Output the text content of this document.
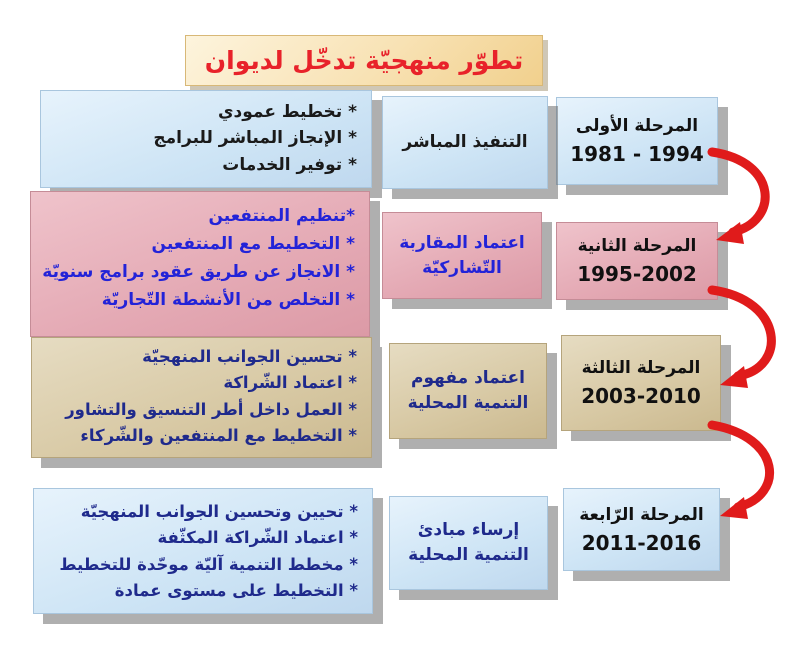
تطوّر منهجيّة تدخّل لديوان
المرحلة الأولى
1981 - 1994
التنفيذ المباشر
* تخطيط عمودي
* الإنجاز المباشر للبرامج
* توفير الخدمات
المرحلة الثانية
1995-2002
اعتماد المقاربة
التّشاركيّة
*تنظيم المنتفعين
* التخطيط مع المنتفعين
* الانجاز عن طريق عقود برامج سنويّة
* التخلص من الأنشطة التّجاريّة
المرحلة الثالثة
2003-2010
اعتماد مفهوم
التنمية المحلية
* تحسين الجوانب المنهجيّة
* اعتماد الشّراكة
* العمل داخل أطر التنسيق والتشاور
* التخطيط مع المنتفعين والشّركاء
المرحلة الرّابعة
2011-2016
إرساء مبادئ
التنمية المحلية
* تحيين وتحسين الجوانب المنهجيّة
* اعتماد الشّراكة المكثّفة
* مخطط التنمية آليّة موحّدة للتخطيط
* التخطيط على مستوى عمادة
